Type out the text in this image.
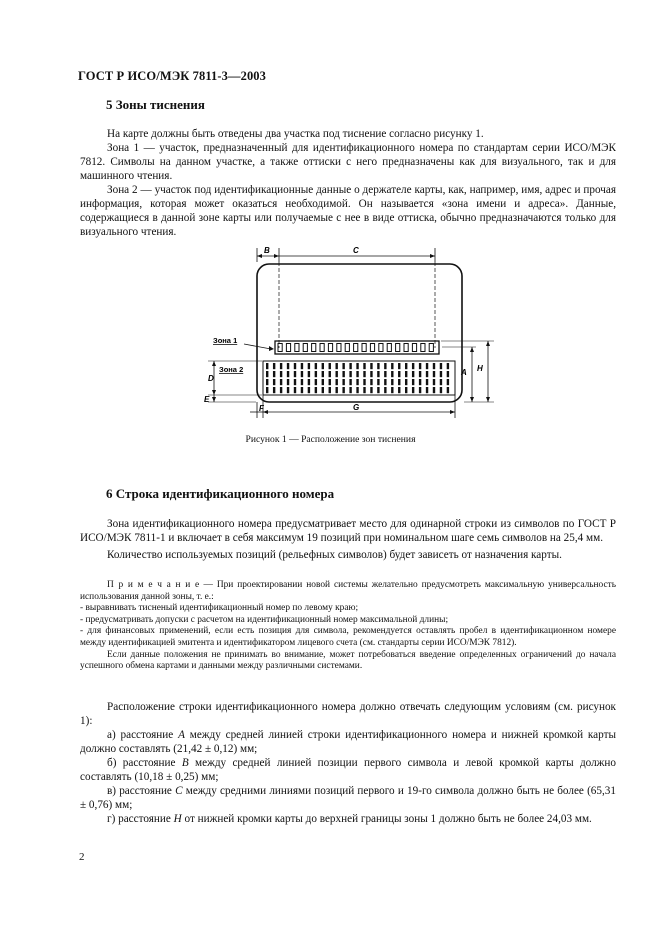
ГОСТ Р ИСО/МЭК 7811-3—2003
5 Зоны тиснения

На карте должны быть отведены два участка под тиснение согласно рисунку 1.

Зона 1 — участок, предназначенный для идентификационного номера по стандартам серии ИСО/МЭК 7812. Символы на данном участке, а также оттиски с него предназначены как для визуального, так и для машинного чтения.

Зона 2 — участок под идентификационные данные о держателе карты, как, например, имя, адрес и прочая информация, которая может оказаться необходимой. Он называется «зона имени и адреса». Данные, содержащиеся в данной зоне карты или получаемые с нее в виде оттиска, обычно предназначаются только для визуального чтения.

B	C
Зона 1
Зона 2
D
E
F	G
A H
Рисунок 1 — Расположение зон тиснения
6 Строка идентификационного номера

Зона идентификационного номера предусматривает место для одинарной строки из символов по ГОСТ Р ИСО/МЭК 7811-1 и включает в себя максимум 19 позиций при номинальном шаге семь символов на 25,4 мм.

Количество используемых позиций (рельефных символов) будет зависеть от назначения карты.

П р и м е ч а н и е — При проектировании новой системы желательно предусмотреть максимальную универсальность использования данной зоны, т. е.:

- выравнивать тисненый идентификационный номер по левому краю;

- предусматривать допуски с расчетом на идентификационный номер максимальной длины;

- для финансовых применений, если есть позиция для символа, рекомендуется оставлять пробел в идентификационном номере между идентификацией эмитента и идентификатором лицевого счета (см. стандарты серии ИСО/МЭК 7812).

Если данные положения не принимать во внимание, может потребоваться введение определенных ограничений до начала успешного обмена картами и данными между различными системами.

Расположение строки идентификационного номера должно отвечать следующим условиям (см. рисунок 1):

а) расстояние A между средней линией строки идентификационного номера и нижней кромкой карты должно составлять (21,42 ± 0,12) мм;

б) расстояние B между средней линией позиции первого символа и левой кромкой карты должно составлять (10,18 ± 0,25) мм;

в) расстояние C между средними линиями позиций первого и 19-го символа должно быть не более (65,31 ± 0,76) мм;

г) расстояние H от нижней кромки карты до верхней границы зоны 1 должно быть не более 24,03 мм.

2
